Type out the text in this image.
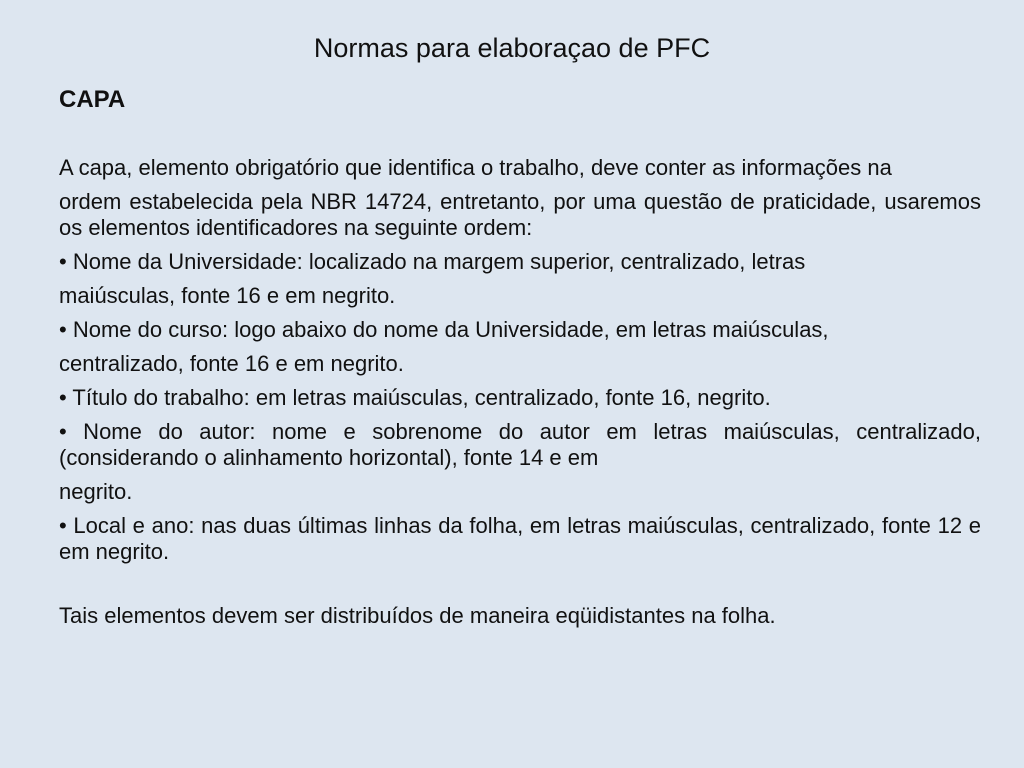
Normas para elaboraçao de PFC
CAPA
A capa, elemento obrigatório que identifica o trabalho, deve conter as informações na
ordem estabelecida pela NBR 14724, entretanto, por uma questão de praticidade, usaremos os elementos identificadores na seguinte ordem:
• Nome da Universidade: localizado na margem superior, centralizado, letras
maiúsculas, fonte 16 e em negrito.
• Nome do curso: logo abaixo do nome da Universidade, em letras maiúsculas,
centralizado, fonte 16 e em negrito.
• Título do trabalho: em letras maiúsculas, centralizado, fonte 16, negrito.
• Nome do autor: nome e sobrenome do autor em letras maiúsculas, centralizado, (considerando o alinhamento horizontal), fonte 14 e em
negrito.
• Local e ano: nas duas últimas linhas da folha, em letras maiúsculas, centralizado, fonte 12 e em negrito.
Tais elementos devem ser distribuídos de maneira eqüidistantes na folha.
